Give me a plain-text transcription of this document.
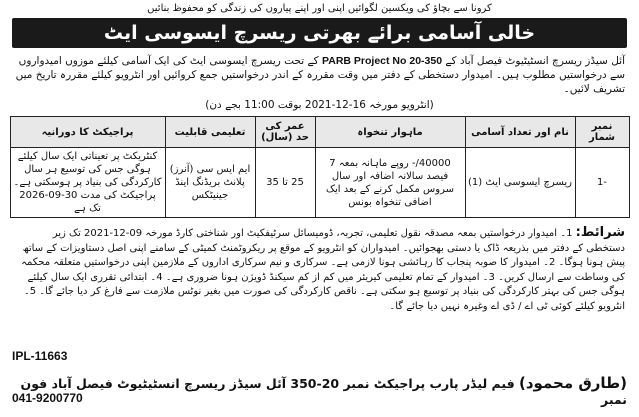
کرونا سے بچاؤ کی ویکسین لگوائیں اپنی اور اپنے پیاروں کی زندگی کو محفوظ بنائیں
خالی آسامی برائے بھرتی ریسرچ ایسوسی ایٹ
آئل سیڈز ریسرچ انسٹیٹیوٹ فیصل آباد کے PARB Project No 20-350 کے تحت ریسرچ ایسوسی ایٹ کی ایک آسامی کیلئے موزوں امیدواروں سے درخواستیں مطلوب ہیں۔ امیدوار دستخطی کے دفتر میں وقت مقررہ کے اندر درخواستیں جمع کروائیں اور انٹرویو کیلئے مقررہ تاریخ میں تشریف لائیں۔
(انٹرویو مورخہ 16-12-2021 بوقت 11:00 بجے دن)
نمبر شمار	نام اور تعداد آسامی	ماہوار تنخواہ	عمر کی حد (سال)	تعلیمی قابلیت	پراجیکٹ کا دورانیہ
-1	ریسرچ ایسوسی ایٹ (1)	40000/- روپے ماہانہ بمعہ 7 فیصد سالانہ اضافہ اور سال سروس مکمل کرنے کے بعد ایک اضافی تنخواہ بونس	25 تا 35	ایم ایس سی (آنرز) پلانٹ بریڈنگ اینڈ جینیٹکس	کنٹریکٹ پر تعیناتی ایک سال کیلئے ہوگی جس کی توسیع ہر سال کارکردگی کی بنیاد پر ہوسکتی ہے۔ پراجیکٹ کی مدت 30-09-2026 تک ہے
شرائط: 1۔ امیدوار درخواستیں بمعہ مصدقہ نقول تعلیمی، تجربہ، ڈومیسائل سرٹیفکیٹ اور شناختی کارڈ مورخہ 09-12-2021 تک زیر دستخطی کے دفتر میں بذریعہ ڈاک یا دستی بھجوائیں۔ امیدواران کو انٹرویو کے موقع پر ریکروٹمنٹ کمیٹی کے سامنے اپنی اصل دستاویزات کے ساتھ پیش ہونا ہوگا۔ 2۔ امیدوار کا صوبہ پنجاب کا رہائشی ہونا لازمی ہے۔ سرکاری و نیم سرکاری اداروں کے ملازمین اپنی درخواستیں متعلقہ محکمہ کی وساطت سے ارسال کریں۔ 3۔ امیدوار کے تمام تعلیمی کیریئر میں کم از کم سیکنڈ ڈویژن ہونا ضروری ہے۔ 4۔ ابتدائی تقرری ایک سال کیلئے ہوگی جس کی بہتر کارکردگی کی بنیاد پر توسیع ہو سکتی ہے۔ ناقص کارکردگی کی صورت میں بغیر نوٹس ملازمت سے فارغ کر دیا جائے گا۔ 5۔ انٹرویو کیلئے کوئی ٹی اے / ڈی اے وغیرہ نہیں دیا جائے گا۔
IPL-11663
041-9200770
(طارق محمود) فیم لیڈر پارب پراجیکٹ نمبر 20-350 آئل سیڈز ریسرچ انسٹیٹیوٹ فیصل آباد فون نمبر
